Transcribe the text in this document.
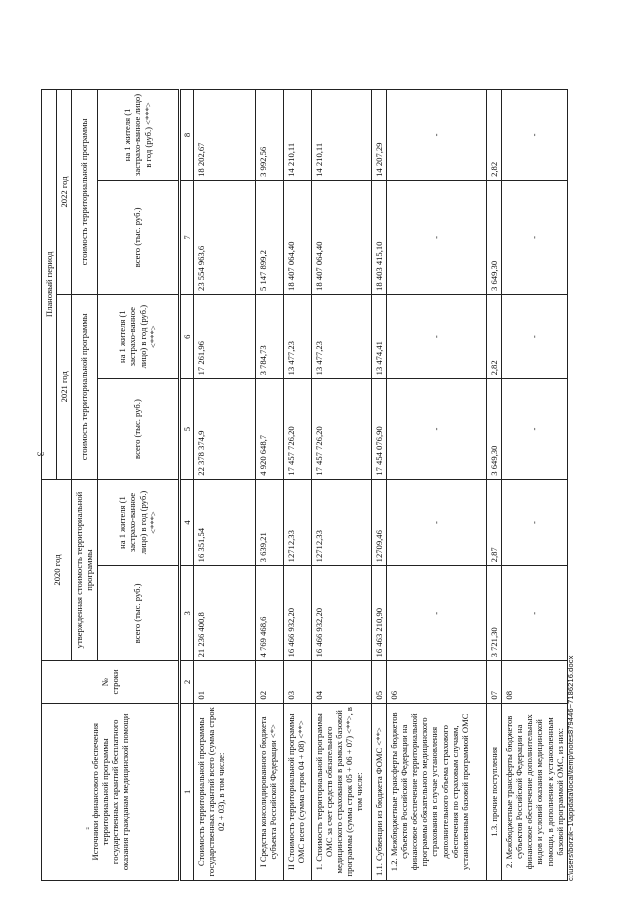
3
" Источники финансового обеспечения территориальной программы государственных гарантий бесплатного оказания гражданам медицинской помощи	№ строки	2020 год		Плановый период			
				2021 год		2022 год	
		утвержденная стоимость территориальной программы		стоимость территориальной программы		стоимость территориальной программы	
		всего (тыс. руб.)	на 1 жителя (1 застрахо-ванное лицо) в год (руб.) <***>	всего (тыс. руб.)	на 1 жителя (1 застрахо-ванное лицо) в год (руб.) <***>	всего (тыс. руб.)	на 1 жителя (1 застрахо-ванное лицо) в год (руб.) <***>
1	2	3	4	5	6	7	8
Стоимость территориальной программы государственных гарантий всего (сумма строк 02 + 03), в том числе:	01	21 236 400,8	16 351,54	22 378 374,9	17 261,96	23 554 963,6	18 202,67
I Средства консолидированного бюджета субъекта Российской Федерации <*>	02	4 769 468,6	3 639,21	4 920 648,7	3 784,73	5 147 899,2	3 992,56
II Стоимость территориальной программы ОМС всего (сумма строк 04 + 08) <**>	03	16 466 932,20	12712,33	17 457 726,20	13 477,23	18 407 064,40	14 210,11
1. Стоимость территориальной программы ОМС за счет средств обязательного медицинского страхования в рамках базовой программы (сумма строк 05 + 06 + 07) <**>, в том числе:	04	16 466 932,20	12712,33	17 457 726,20	13 477,23	18 407 064,40	14 210,11
1.1. Субвенции из бюджета ФОМС <**>	05	16 463 210,90	12709,46	17 454 076,90	13 474,41	18 403 415,10	14 207,29
1.2. Межбюджетные трансферты бюджетов субъектов Российской Федерации на финансовое обеспечение территориальной программы обязательного медицинского страхования в случае установления дополнительного объема страхового обеспечения по страховым случаям, установленным базовой программой ОМС	06	-	-	-	-	-	-
1.3. прочие поступления	07	3 721,30	2,87	3 649,30	2,82	3 649,30	2,82
2. Межбюджетные трансферты бюджетов субъектов Российской Федерации на финансовое обеспечение дополнительных видов и условий оказания медицинской помощи, в дополнение к установленным базовой программой ОМС, из них:	08	-	-	-	-	-	-
c:\users\borzik~1\appdata\local\temp\notes879446~7186216.docx
